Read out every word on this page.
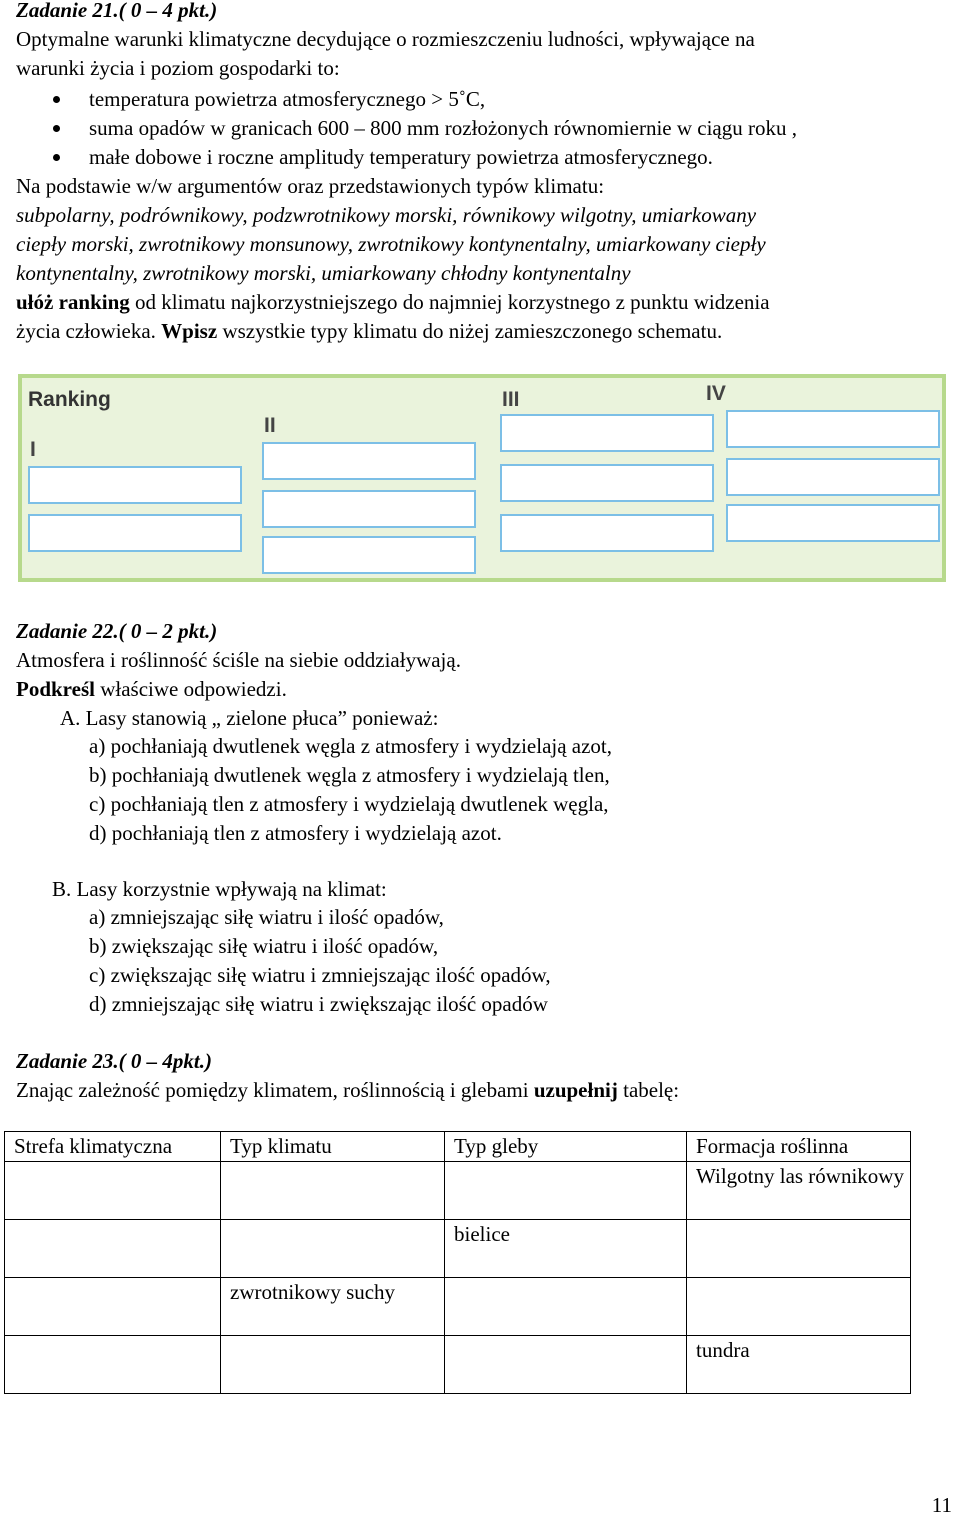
Zadanie 21.( 0 – 4 pkt.)
Optymalne warunki klimatyczne decydujące o rozmieszczeniu ludności, wpływające na
warunki życia i poziom gospodarki to:
temperatura powietrza atmosferycznego > 5˚C,
suma opadów w granicach 600 – 800 mm rozłożonych równomiernie w ciągu roku ,
małe dobowe i roczne amplitudy temperatury powietrza atmosferycznego.
Na podstawie w/w argumentów oraz przedstawionych typów klimatu:
subpolarny, podrównikowy, podzwrotnikowy morski, równikowy wilgotny, umiarkowany
ciepły morski, zwrotnikowy monsunowy, zwrotnikowy kontynentalny, umiarkowany ciepły
kontynentalny, zwrotnikowy morski, umiarkowany chłodny kontynentalny
ułóż ranking od klimatu najkorzystniejszego do najmniej korzystnego z punktu widzenia
życia człowieka. Wpisz wszystkie typy klimatu do niżej zamieszczonego schematu.
Ranking
I
II
III	IV
Zadanie 22.( 0 – 2 pkt.)
Atmosfera i roślinność ściśle na siebie oddziaływają.
Podkreśl właściwe odpowiedzi.
A. Lasy stanowią „ zielone płuca” ponieważ:
a) pochłaniają dwutlenek węgla z atmosfery i wydzielają azot,
b) pochłaniają dwutlenek węgla z atmosfery i wydzielają tlen,
c) pochłaniają tlen z atmosfery i wydzielają dwutlenek węgla,
d) pochłaniają tlen z atmosfery i wydzielają azot.
B. Lasy korzystnie wpływają na klimat:
a) zmniejszając siłę wiatru i ilość opadów,
b) zwiększając siłę wiatru i ilość opadów,
c) zwiększając siłę wiatru i zmniejszając ilość opadów,
d) zmniejszając siłę wiatru i zwiększając ilość opadów
Zadanie 23.( 0 – 4pkt.)
Znając zależność pomiędzy klimatem, roślinnością i glebami uzupełnij tabelę:
Strefa klimatyczna	Typ klimatu	Typ gleby	Formacja roślinna
			Wilgotny las równikowy
		bielice	
	zwrotnikowy suchy		
			tundra
11
